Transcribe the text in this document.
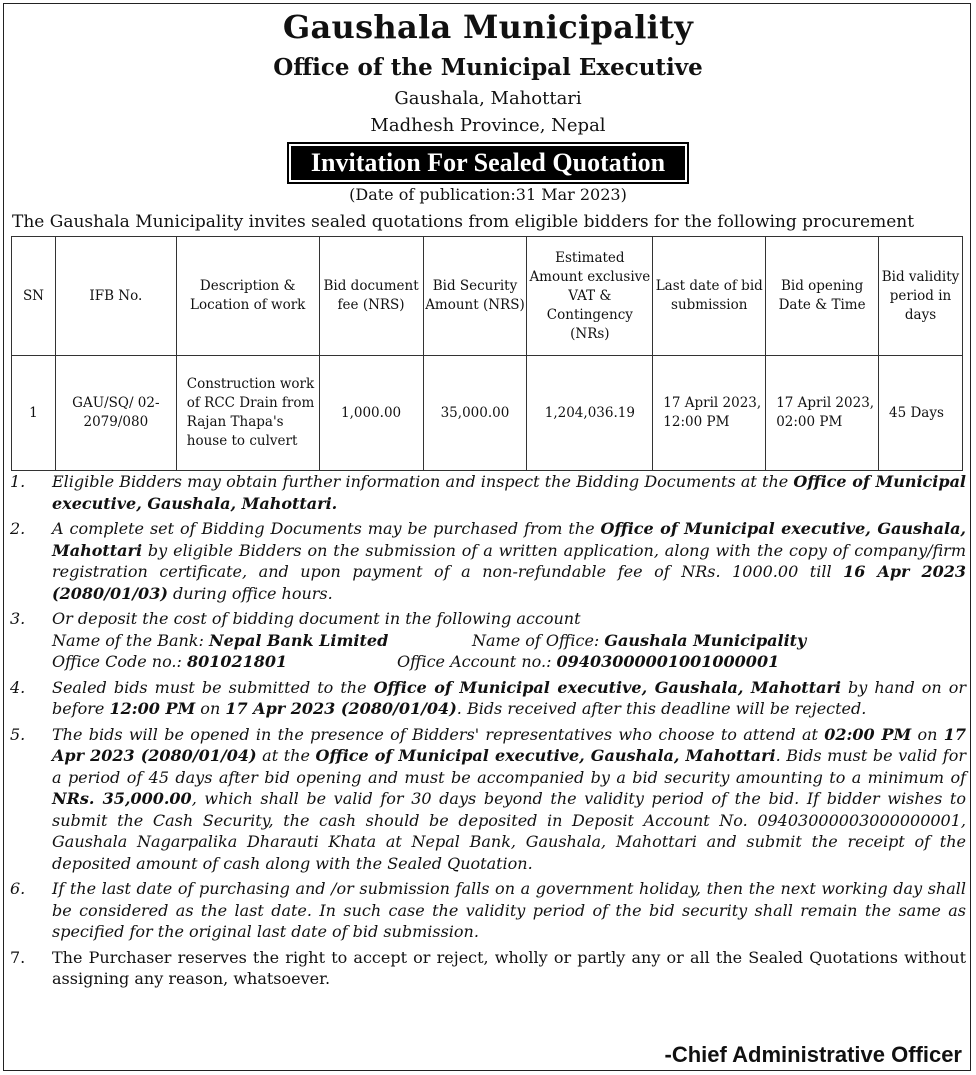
Gaushala Municipality
Office of the Municipal Executive
Gaushala, Mahottari
Madhesh Province, Nepal
Invitation For Sealed Quotation
(Date of publication:31 Mar 2023)
The Gaushala Municipality invites sealed quotations from eligible bidders for the following procurement
SN	IFB No.	Description & Location of work	Bid document fee (NRS)	Bid Security Amount (NRS)	Estimated Amount exclusive VAT & Contingency (NRs)	Last date of bid submission	Bid opening Date & Time	Bid validity period in days
1	GAU/SQ/ 02- 2079/080	Construction work of RCC Drain from Rajan Thapa's house to culvert	1,000.00	35,000.00	1,204,036.19	17 April 2023, 12:00 PM	17 April 2023, 02:00 PM	45 Days
1. Eligible Bidders may obtain further information and inspect the Bidding Documents at the Office of Municipal executive, Gaushala, Mahottari.
2. A complete set of Bidding Documents may be purchased from the Office of Municipal executive, Gaushala, Mahottari by eligible Bidders on the submission of a written application, along with the copy of company/firm registration certificate, and upon payment of a non-refundable fee of NRs. 1000.00 till 16 Apr 2023 (2080/01/03) during office hours.
3. Or deposit the cost of bidding document in the following account
Name of the Bank: Nepal Bank Limited	Name of Office: Gaushala Municipality
Office Code no.: 801021801	Office Account no.: 09403000001001000001
4. Sealed bids must be submitted to the Office of Municipal executive, Gaushala, Mahottari by hand on or before 12:00 PM on 17 Apr 2023 (2080/01/04). Bids received after this deadline will be rejected.
5. The bids will be opened in the presence of Bidders' representatives who choose to attend at 02:00 PM on 17 Apr 2023 (2080/01/04) at the Office of Municipal executive, Gaushala, Mahottari. Bids must be valid for a period of 45 days after bid opening and must be accompanied by a bid security amounting to a minimum of NRs. 35,000.00, which shall be valid for 30 days beyond the validity period of the bid. If bidder wishes to submit the Cash Security, the cash should be deposited in Deposit Account No. 09403000003000000001, Gaushala Nagarpalika Dharauti Khata at Nepal Bank, Gaushala, Mahottari and submit the receipt of the deposited amount of cash along with the Sealed Quotation.
6. If the last date of purchasing and /or submission falls on a government holiday, then the next working day shall be considered as the last date. In such case the validity period of the bid security shall remain the same as specified for the original last date of bid submission.
7. The Purchaser reserves the right to accept or reject, wholly or partly any or all the Sealed Quotations without assigning any reason, whatsoever.
-Chief Administrative Officer
